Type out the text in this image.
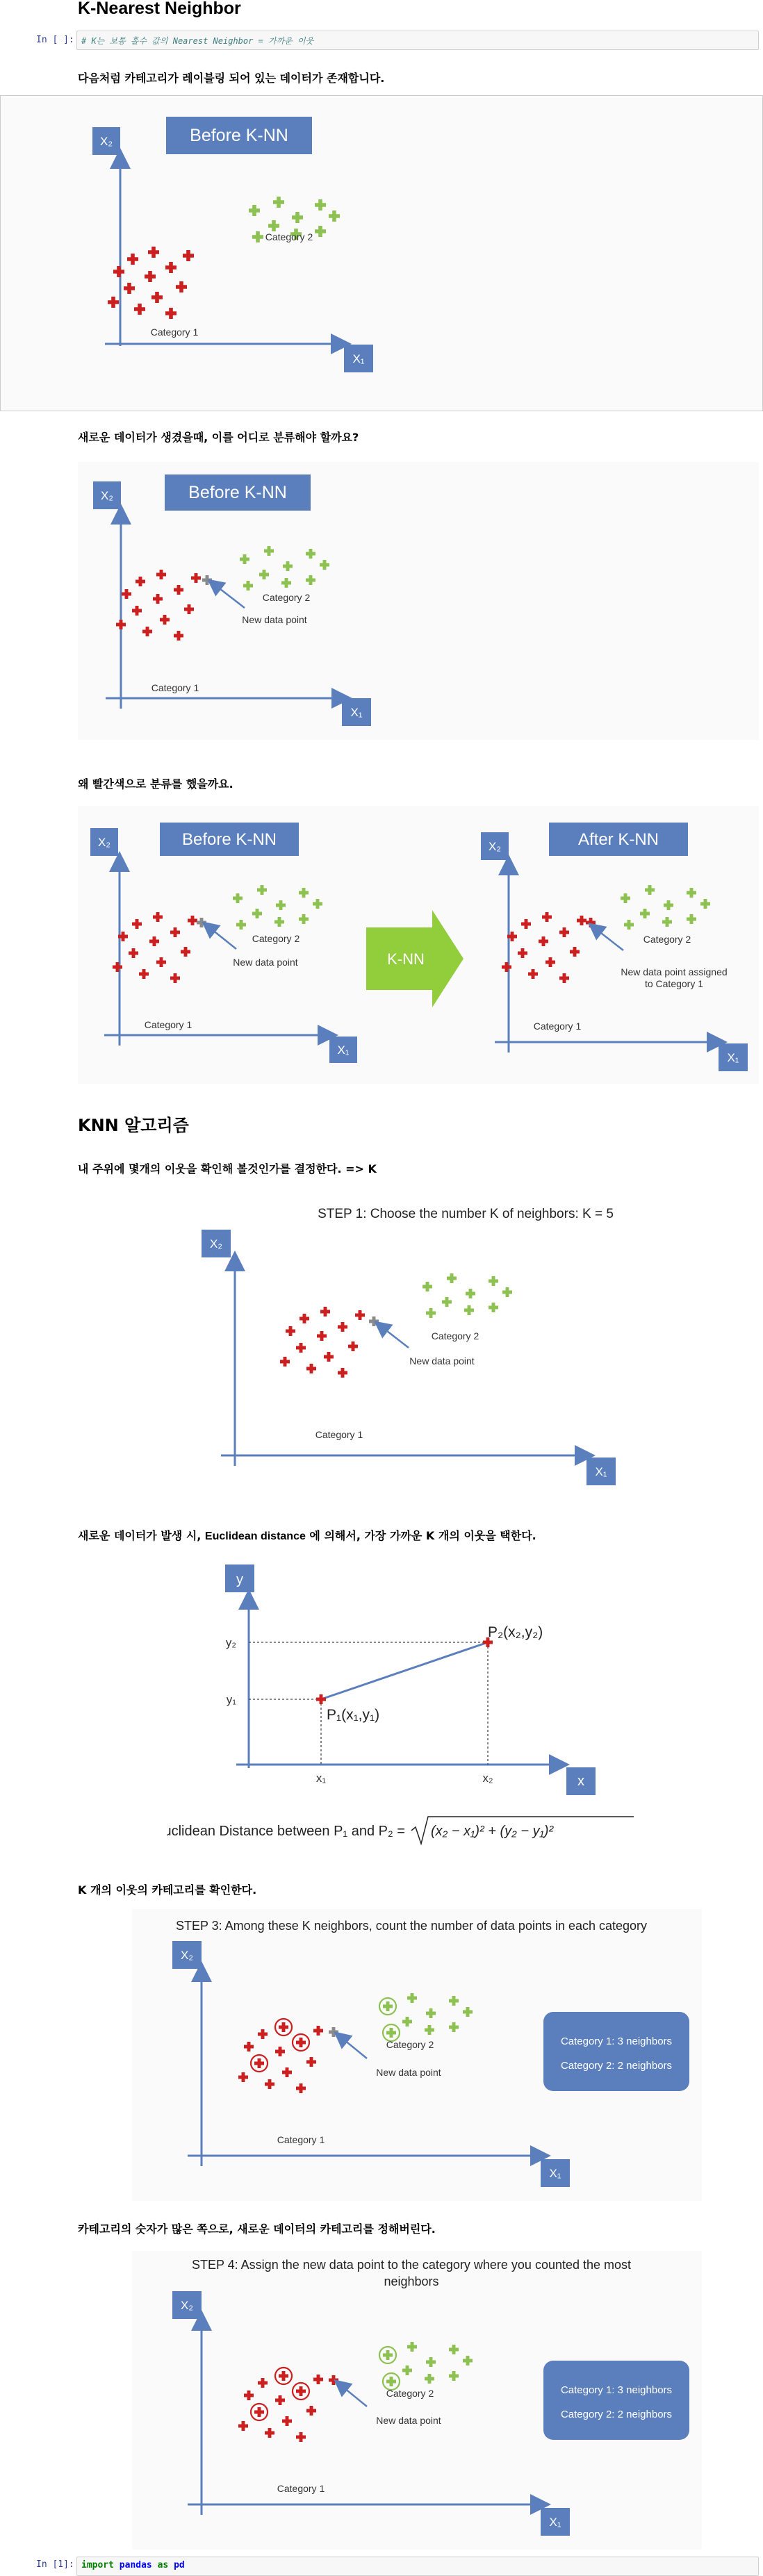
K-Nearest Neighbor
In [ ]: # K는 보통 홀수 값의 Nearest Neighbor = 가까운 이웃
다음처럼 카테고리가 레이블링 되어 있는 데이터가 존재합니다.
X₂
X₁
Before K-NN
Category 1
Category 2
새로운 데이터가 생겼을때, 이를 어디로 분류해야 할까요?
X₂
X₁
Before K-NN
New data point
Category 1
Category 2
왜 빨간색으로 분류를 했을까요.
X₂
X₁
Before K-NN
New data point
Category 1
Category 2
K-NN
X₂
X₁
After K-NN
New data point assigned
to Category 1
Category 1
Category 2
KNN 알고리즘
내 주위에 몇개의 이웃을 확인해 볼것인가를 결정한다. => K
STEP 1: Choose the number K of neighbors: K = 5
X₂
X₁
New data point
Category 1
Category 2
새로운 데이터가 발생 시, Euclidean distance 에 의해서, 가장 가까운 K 개의 이웃을 택한다.
y
x
y₂
y₁
x₁	x₂
P₁(x₁,y₁)
P₂(x₂,y₂)
Euclidean Distance between P₁ and P₂ = (x₂ − x₁)² + (y₂ − y₁)²
K 개의 이웃의 카테고리를 확인한다.
STEP 3: Among these K neighbors, count the number of data points in each category
X₂
X₁
New data point
Category 1
Category 2	Category 1: 3 neighbors
Category 2: 2 neighbors
카테고리의 숫자가 많은 쪽으로, 새로운 데이터의 카테고리를 정해버린다.
STEP 4: Assign the new data point to the category where you counted the most
neighbors
X₂
X₁
New data point
Category 1
Category 2	Category 1: 3 neighbors
Category 2: 2 neighbors
In [1]: import pandas as pd
